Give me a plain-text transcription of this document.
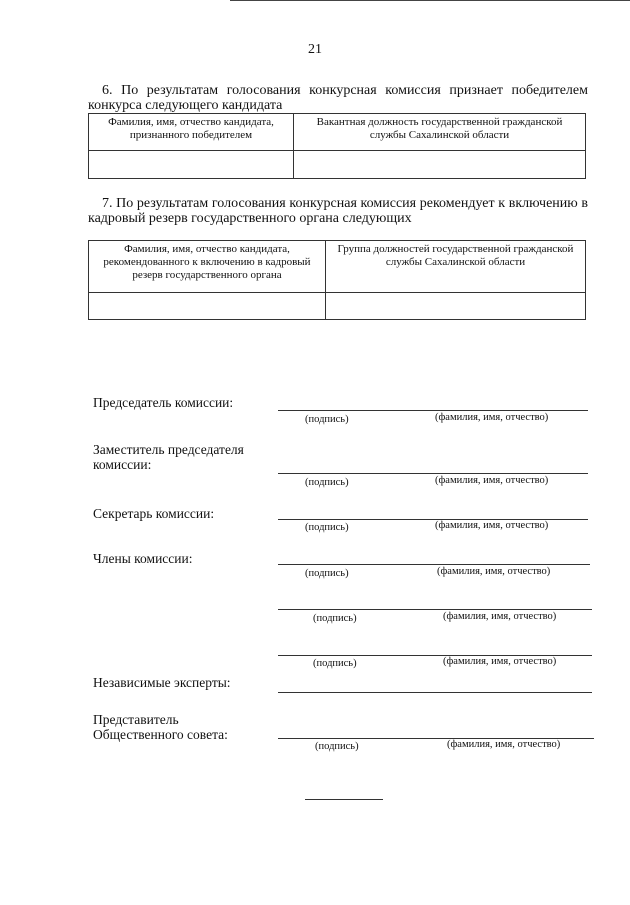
21
6. По результатам голосования конкурсная комиссия признает победителем конкурса следующего кандидата
Фамилия, имя, отчество кандидата, признанного победителем	Вакантная должность государственной гражданской службы Сахалинской области

7. По результатам голосования конкурсная комиссия рекомендует к включению в кадровый резерв государственного органа следующих
Фамилия, имя, отчество кандидата, рекомендованного к включению в кадровый резерв государственного органа	Группа должностей государственной гражданской службы Сахалинской области

Председатель комиссии:
(подпись)	(фамилия, имя, отчество)
Заместитель председателя комиссии:
(подпись)	(фамилия, имя, отчество)
Секретарь комиссии:
(подпись)	(фамилия, имя, отчество)
Члены комиссии:
(подпись)	(фамилия, имя, отчество)
(подпись)	(фамилия, имя, отчество)
(подпись)	(фамилия, имя, отчество)
Независимые эксперты:
Представитель Общественного совета:
(подпись)	(фамилия, имя, отчество)
